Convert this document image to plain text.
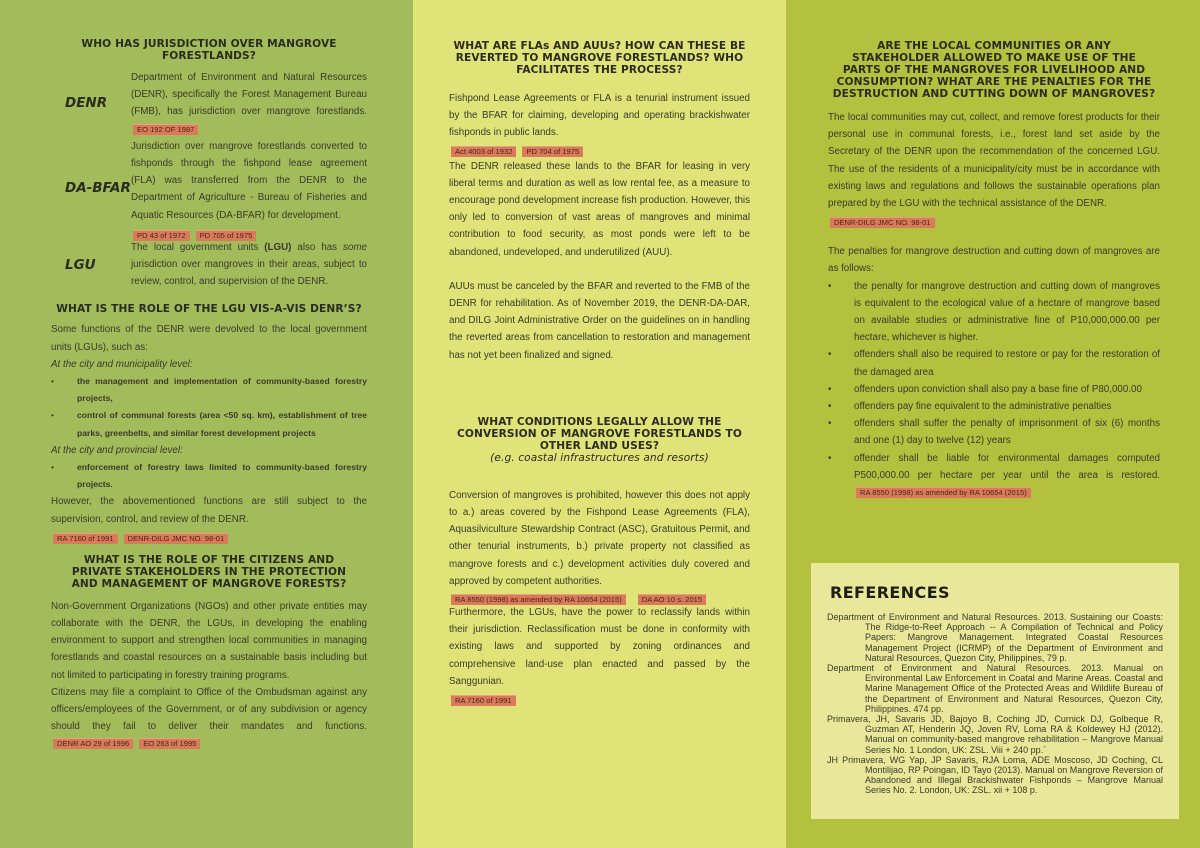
WHO HAS JURISDICTION OVER MANGROVE FORESTLANDS?
DENR

Department of Environment and Natural Resources (DENR), specifically the Forest Management Bureau (FMB), has jurisdiction over mangrove forestlands.EO 192 OF 1987

DA-BFAR

Jurisdiction over mangrove forestlands converted to fishponds through the fishpond lease agreement (FLA) was transferred from the DENR to the Department of Agriculture - Bureau of Fisheries and Aquatic Resources (DA-BFAR) for development.

PD 43 of 1972 PD 705 of 1975
LGU

The local government units (LGU) also has some jurisdiction over mangroves in their areas, subject to review, control, and supervision of the DENR.

WHAT IS THE ROLE OF THE LGU VIS-A-VIS DENR’S?

Some functions of the DENR were devolved to the local government units (LGUs), such as:

At the city and municipality level:

• the management and implementation of community-based forestry projects,
• control of communal forests (area <50 sq. km), establishment of tree parks, greenbelts, and similar forest development projects

At the city and provincial level:

• enforcement of forestry laws limited to community-based forestry projects.

However, the abovementioned functions are still subject to the supervision, control, and review of the DENR.

RA 7160 of 1991 DENR-DILG JMC NO. 98-01
WHAT IS THE ROLE OF THE CITIZENS AND PRIVATE STAKEHOLDERS IN THE PROTECTION AND MANAGEMENT OF MANGROVE FORESTS?

Non-Government Organizations (NGOs) and other private entities may collaborate with the DENR, the LGUs, in developing the enabling environment to support and strengthen local communities in managing forestlands and coastal resources on a sustainable basis including but not limited to participating in forestry training programs.

Citizens may file a complaint to Office of the Ombudsman against any officers/employees of the Government, or of any subdivision or agency should they fail to deliver their mandates and functions. DENR AO 29 of 1996 EO 263 of 1995

WHAT ARE FLAs AND AUUs? HOW CAN THESE BE REVERTED TO MANGROVE FORESTLANDS? WHO FACILITATES THE PROCESS?

Fishpond Lease Agreements or FLA is a tenurial instrument issued by the BFAR for claiming, developing and operating brackishwater fishponds in public lands.

Act 4003 of 1932 PD 704 of 1975

The DENR released these lands to the BFAR for leasing in very liberal terms and duration as well as low rental fee, as a measure to encourage pond development increase fish production. However, this only led to conversion of vast areas of mangroves and minimal contribution to food security, as most ponds were left to be abandoned, undeveloped, and underutilized (AUU).

AUUs must be canceled by the BFAR and reverted to the FMB of the DENR for rehabilitation. As of November 2019, the DENR-DA-DAR, and DILG Joint Administrative Order on the guidelines on in handling the reverted areas from cancellation to restoration and management has not yet been finalized and signed.

WHAT CONDITIONS LEGALLY ALLOW THE CONVERSION OF MANGROVE FORESTLANDS TO OTHER LAND USES?
(e.g. coastal infrastructures and resorts)

Conversion of mangroves is prohibited, however this does not apply to a.) areas covered by the Fishpond Lease Agreements (FLA), Aquasilviculture Stewardship Contract (ASC), Gratuitous Permit, and other tenurial instruments, b.) private property not classified as mangrove forests and c.) development activities duly covered and approved by competent authorities.

RA 8550 (1998) as amended by RA 10654 (2015)	DA AO 10 s. 2015

Furthermore, the LGUs, have the power to reclassify lands within their jurisdiction. Reclassification must be done in conformity with existing laws and supported by zoning ordinances and comprehensive land-use plan enacted and passed by the Sanggunian.

RA 7160 of 1991
ARE THE LOCAL COMMUNITIES OR ANY STAKEHOLDER ALLOWED TO MAKE USE OF THE PARTS OF THE MANGROVES FOR LIVELIHOOD AND CONSUMPTION? WHAT ARE THE PENALTIES FOR THE DESTRUCTION AND CUTTING DOWN OF MANGROVES?

The local communities may cut, collect, and remove forest products for their personal use in communal forests, i.e., forest land set aside by the Secretary of the DENR upon the recommendation of the concerned LGU. The use of the residents of a municipality/city must be in accordance with existing laws and regulations and follows the sustainable operations plan prepared by the LGU with the technical assistance of the DENR.

DENR-DILG JMC NO. 98-01

The penalties for mangrove destruction and cutting down of mangroves are as follows:

• the penalty for mangrove destruction and cutting down of mangroves is equivalent to the ecological value of a hectare of mangrove based on available studies or administrative fine of P10,000,000.00 per hectare, whichever is higher.
• offenders shall also be required to restore or pay for the restoration of the damaged area
• offenders upon conviction shall also pay a base fine of P80,000.00
• offenders pay fine equivalent to the administrative penalties
• offenders shall suffer the penalty of imprisonment of six (6) months and one (1) day to twelve (12) years
• offender shall be liable for environmental damages computed P500,000.00 per hectare per year until the area is restored. RA 8550 (1998) as amended by RA 10654 (2015)
REFERENCES
Department of Environment and Natural Resources. 2013. Sustaining our Coasts: The Ridge-to-Reef Approach -- A Compilation of Technical and Policy Papers: Mangrove Management. Integrated Coastal Resources Management Project (ICRMP) of the Department of Environment and Natural Resources, Quezon City, Philippines, 79 p.
Department of Environment and Natural Resources. 2013. Manual on Environmental Law Enforcement in Coatal and Marine Areas. Coastal and Marine Management Office of the Protected Areas and Wildlife Bureau of the Department of Environment and Natural Resources, Quezon City, Philippines. 474 pp.
Primavera, JH, Savaris JD, Bajoyo B, Coching JD, Curnick DJ, Golbeque R, Guzman AT, Henderin JQ, Joven RV, Loma RA & Koldewey HJ (2012). Manual on community-based mangrove rehabilitation – Mangrove Manual Series No. 1 London, UK: ZSL. Viii + 240 pp.`
JH Primavera, WG Yap, JP Savaris, RJA Loma, ADE Moscoso, JD Coching, CL Montilijao, RP Poingan, ID Tayo (2013). Manual on Mangrove Reversion of Abandoned and Illegal Brackishwater Fishponds – Mangrove Manual Series No. 2. London, UK: ZSL. xii + 108 p.
